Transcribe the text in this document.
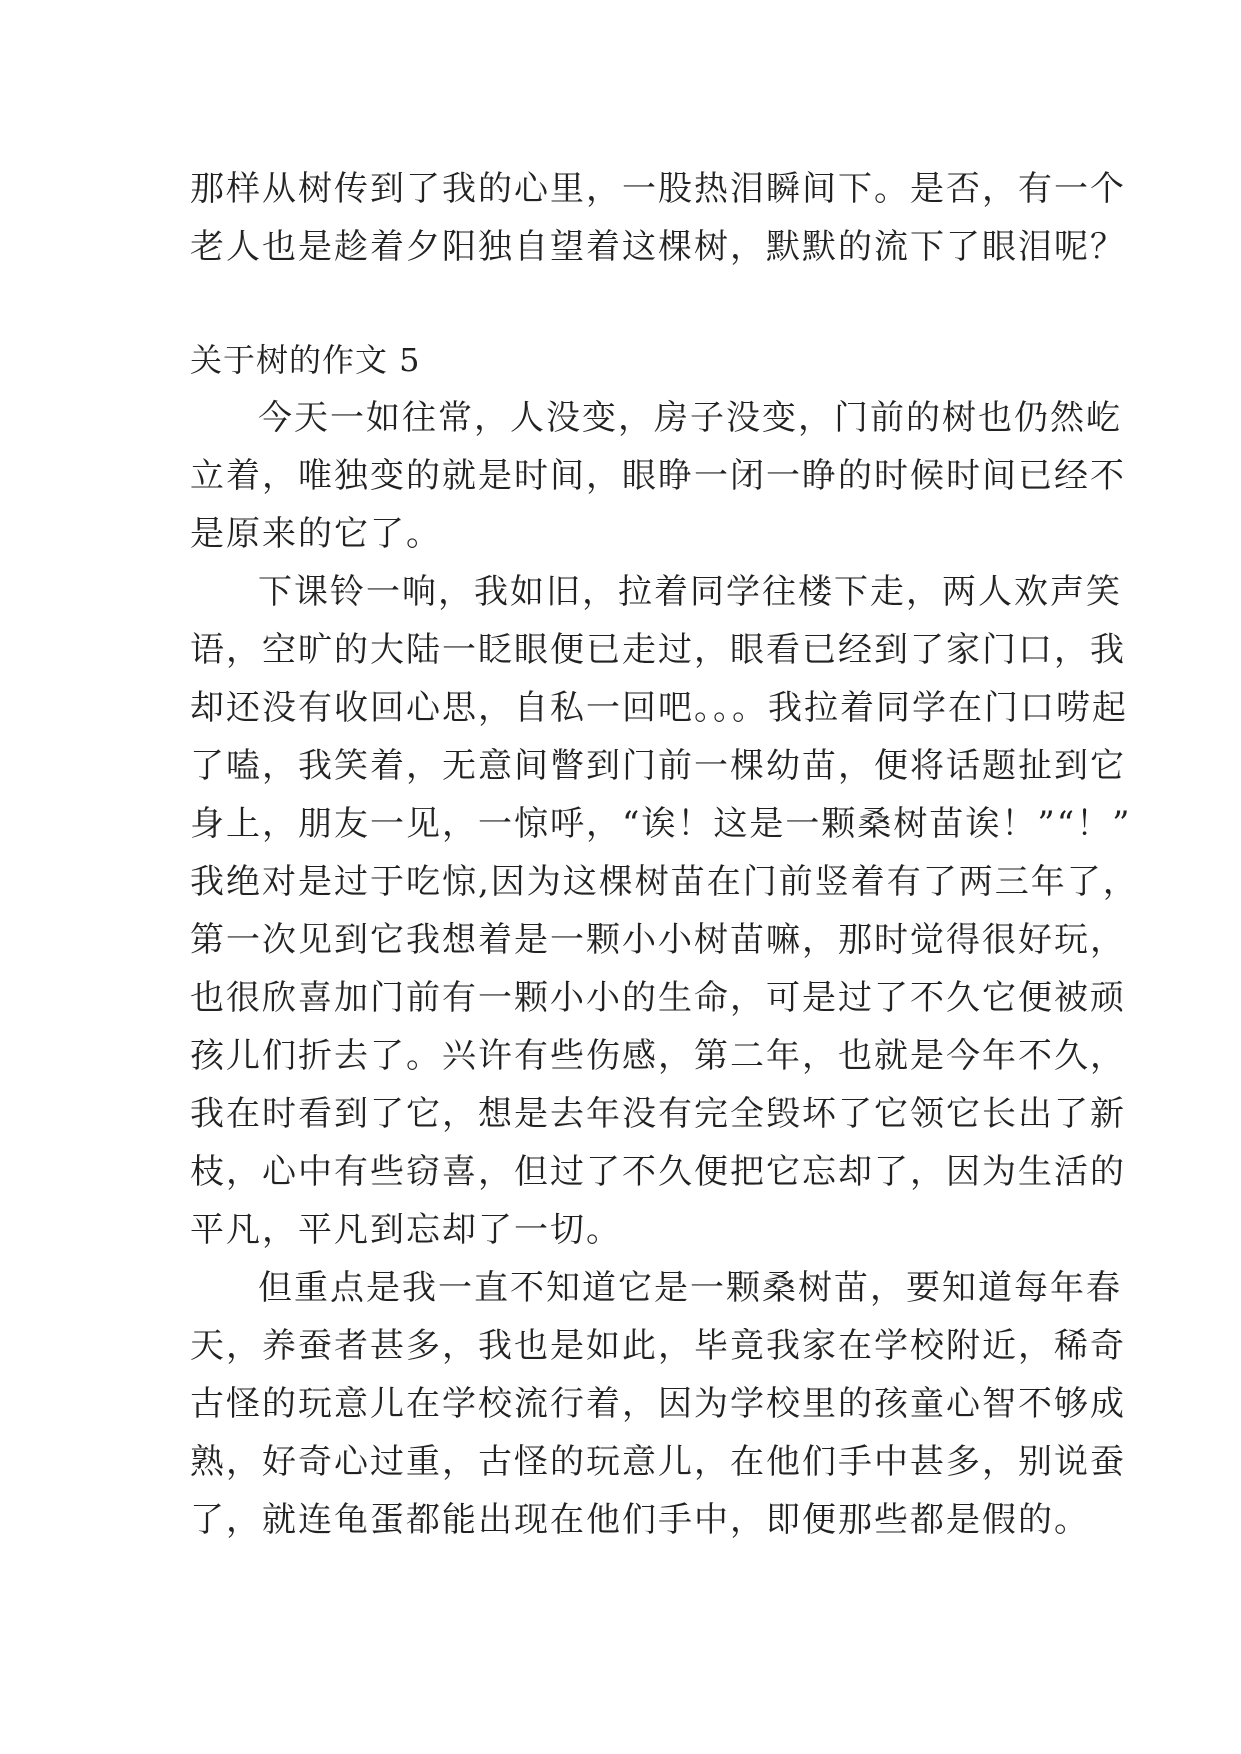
那样从树传到了我的心里，一股热泪瞬间下。是否，有一个
老人也是趁着夕阳独自望着这棵树，默默的流下了眼泪呢？
关于树的作文 5
今天一如往常，人没变，房子没变，门前的树也仍然屹
立着，唯独变的就是时间，眼睁一闭一睁的时候时间已经不
是原来的它了。
下课铃一响，我如旧，拉着同学往楼下走，两人欢声笑
语，空旷的大陆一眨眼便已走过，眼看已经到了家门口，我
却还没有收回心思，自私一回吧。。。我拉着同学在门口唠起
了嗑，我笑着，无意间瞥到门前一棵幼苗，便将话题扯到它
身上，朋友一见，一惊呼，“诶！这是一颗桑树苗诶！”“！”
我绝对是过于吃惊,因为这棵树苗在门前竖着有了两三年了，
第一次见到它我想着是一颗小小树苗嘛，那时觉得很好玩，
也很欣喜加门前有一颗小小的生命，可是过了不久它便被顽
孩儿们折去了。兴许有些伤感，第二年，也就是今年不久，
我在时看到了它，想是去年没有完全毁坏了它领它长出了新
枝，心中有些窃喜，但过了不久便把它忘却了，因为生活的
平凡，平凡到忘却了一切。
但重点是我一直不知道它是一颗桑树苗，要知道每年春
天，养蚕者甚多，我也是如此，毕竟我家在学校附近，稀奇
古怪的玩意儿在学校流行着，因为学校里的孩童心智不够成
熟，好奇心过重，古怪的玩意儿，在他们手中甚多，别说蚕
了，就连龟蛋都能出现在他们手中，即便那些都是假的。
